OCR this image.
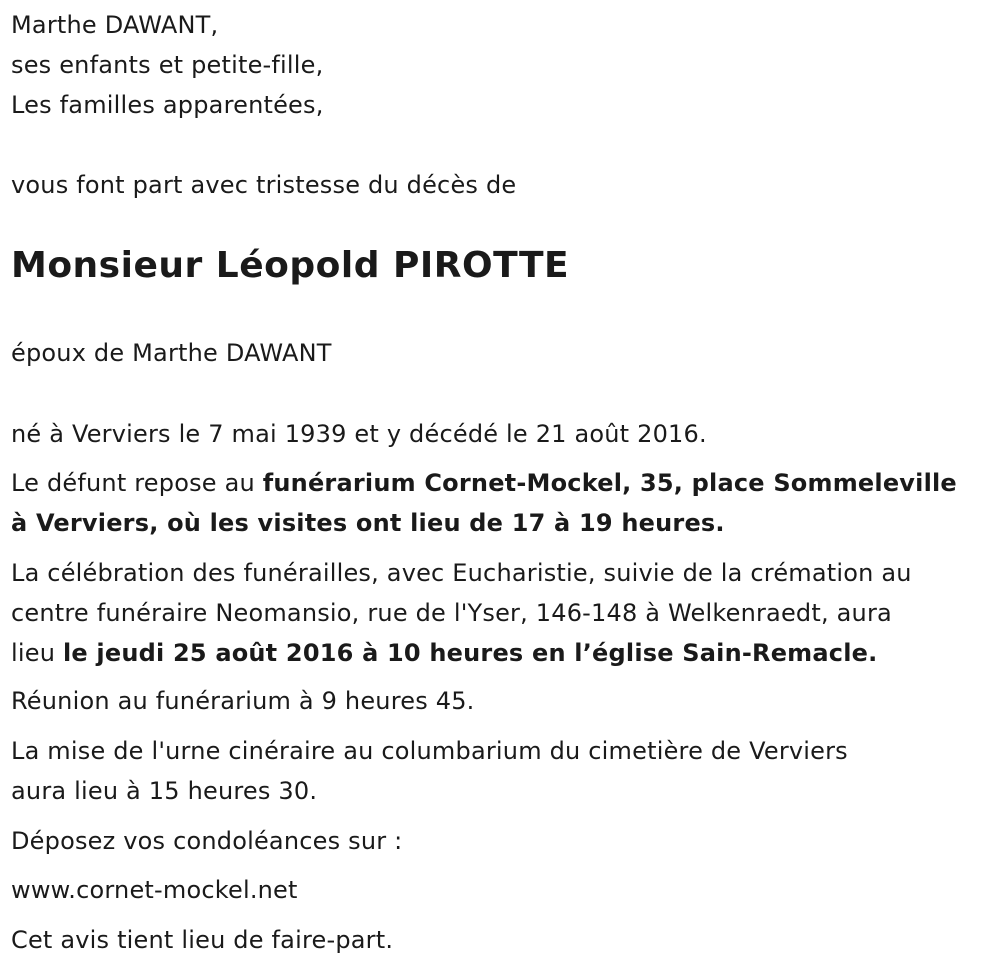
Marthe DAWANT,
ses enfants et petite-fille,
Les familles apparentées,
vous font part avec tristesse du décès de
Monsieur Léopold PIROTTE
époux de Marthe DAWANT
né à Verviers le 7 mai 1939 et y décédé le 21 août 2016.
Le défunt repose au funérarium Cornet-Mockel, 35, place Sommeleville
à Verviers, où les visites ont lieu de 17 à 19 heures.
La célébration des funérailles, avec Eucharistie, suivie de la crémation au
centre funéraire Neomansio, rue de l'Yser, 146-148 à Welkenraedt, aura
lieu le jeudi 25 août 2016 à 10 heures en l’église Sain-Remacle.
Réunion au funérarium à 9 heures 45.
La mise de l'urne cinéraire au columbarium du cimetière de Verviers
aura lieu à 15 heures 30.
Déposez vos condoléances sur :
www.cornet-mockel.net
Cet avis tient lieu de faire-part.
